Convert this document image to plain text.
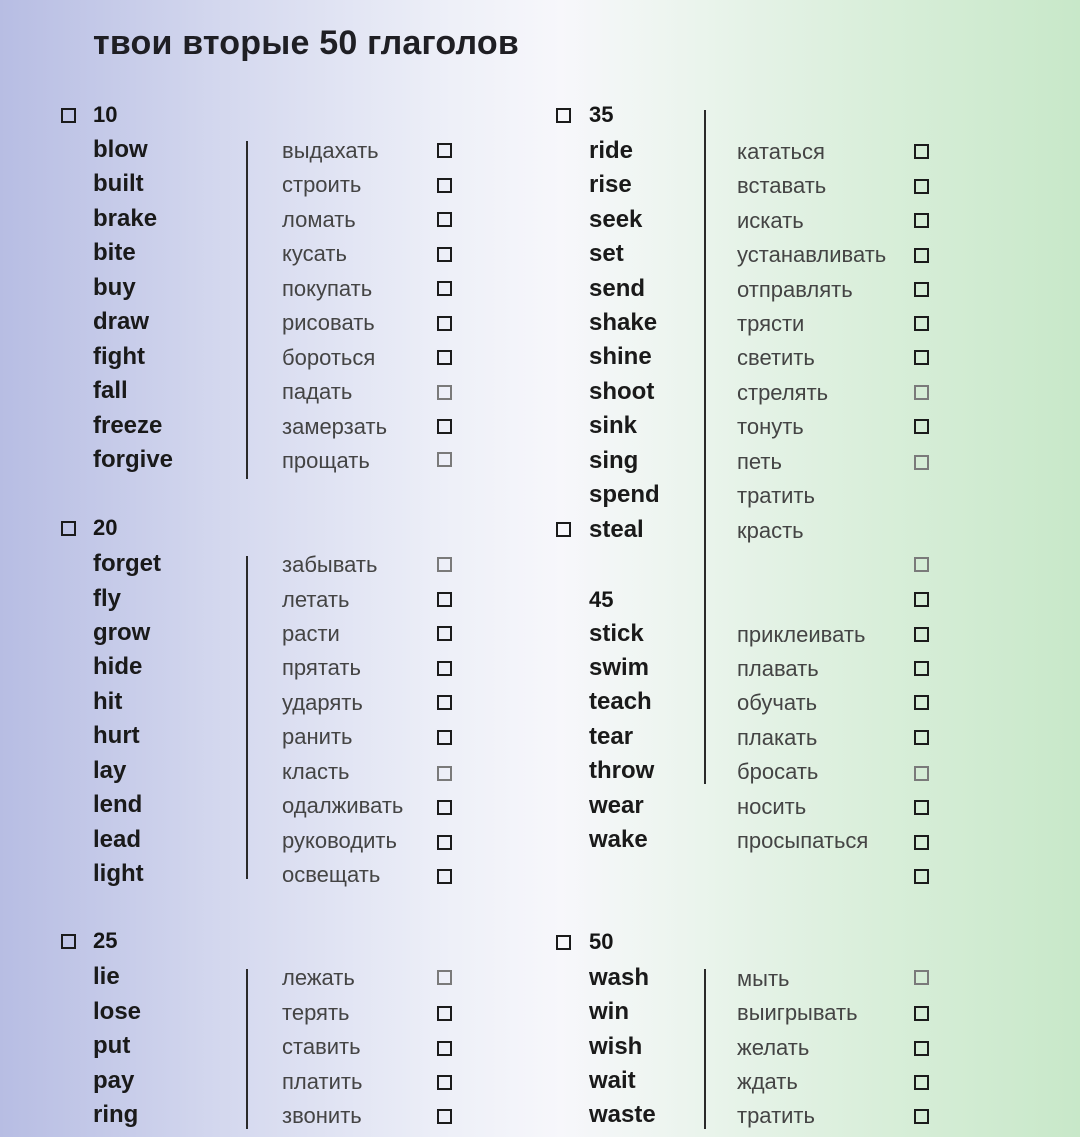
твои вторые 50 глаголов
10
blow	выдахать
built	строить
brake	ломать
bite	кусать
buy	покупать
draw	рисовать
fight	бороться
fall	падать
freeze	замерзать
forgive	прощать
20
forget	забывать
fly	летать
grow	расти
hide	прятать
hit	ударять
hurt	ранить
lay	класть
lend	одалживать
lead	руководить
light	освещать
25
lie	лежать
lose	терять
put	ставить
pay	платить
ring	звонить
35
ride	кататься
rise	вставать
seek	искать
set	устанавливать
send	отправлять
shake	трясти
shine	светить
shoot	стрелять
sink	тонуть
sing	петь
spend	тратить
steal	красть
45
stick	приклеивать
swim	плавать
teach	обучать
tear	плакать
throw	бросать
wear	носить
wake	просыпаться
50
wash	мыть
win	выигрывать
wish	желать
wait	ждать
waste	тратить
